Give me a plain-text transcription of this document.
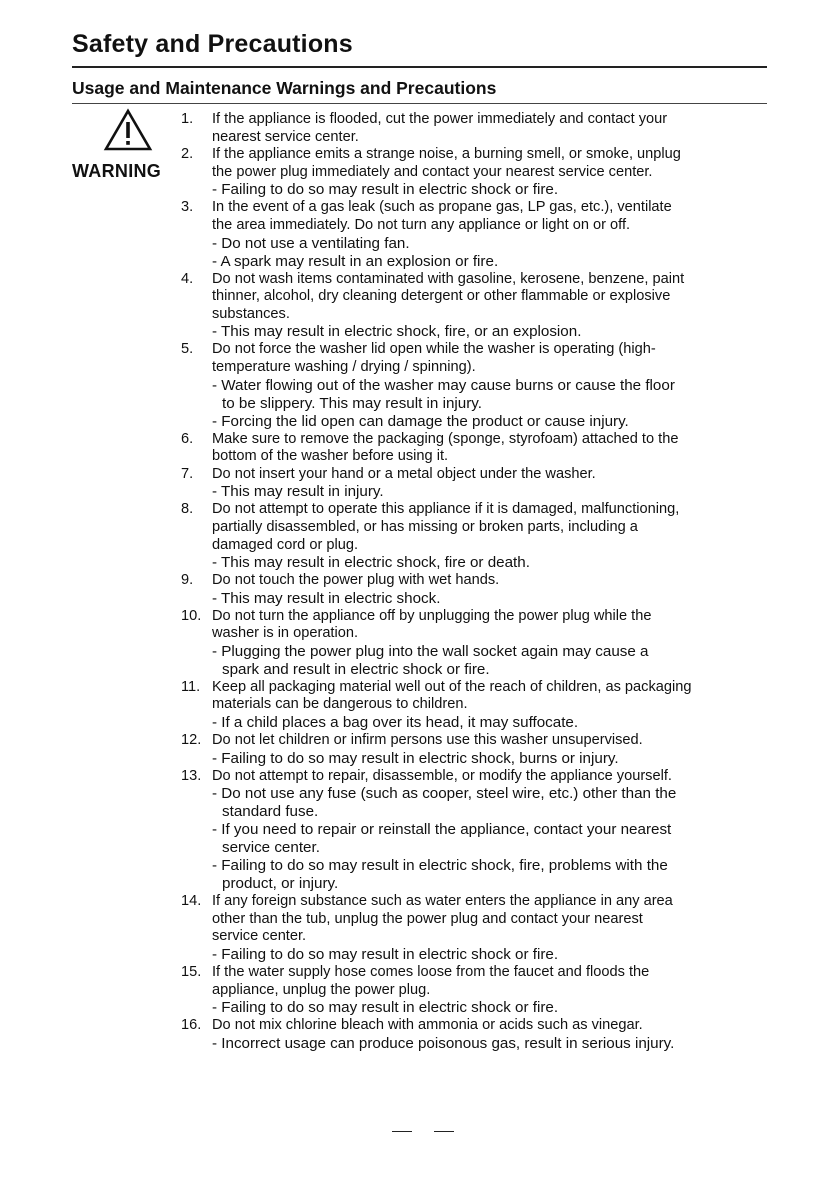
Safety and Precautions
Usage and Maintenance Warnings and Precautions
WARNING
1. If the appliance is flooded, cut the power immediately and contact your
nearest service center.
2. If the appliance emits a strange noise, a burning smell, or smoke, unplug
the power plug immediately and contact your nearest service center.
- Failing to do so may result in electric shock or fire.
3. In the event of a gas leak (such as propane gas, LP gas, etc.), ventilate
the area immediately. Do not turn any appliance or light on or off.
- Do not use a ventilating fan.
- A spark may result in an explosion or fire.
4. Do not wash items contaminated with gasoline, kerosene, benzene, paint
thinner, alcohol, dry cleaning detergent or other flammable or explosive
substances.
- This may result in electric shock, fire, or an explosion.
5. Do not force the washer lid open while the washer is operating (high-
temperature washing / drying / spinning).
- Water flowing out of the washer may cause burns or cause the floor
to be slippery. This may result in injury.
- Forcing the lid open can damage the product or cause injury.
6. Make sure to remove the packaging (sponge, styrofoam) attached to the
bottom of the washer before using it.
7. Do not insert your hand or a metal object under the washer.
- This may result in injury.
8. Do not attempt to operate this appliance if it is damaged, malfunctioning,
partially disassembled, or has missing or broken parts, including a
damaged cord or plug.
- This may result in electric shock, fire or death.
9. Do not touch the power plug with wet hands.
- This may result in electric shock.
10. Do not turn the appliance off by unplugging the power plug while the
washer is in operation.
- Plugging the power plug into the wall socket again may cause a
spark and result in electric shock or fire.
11. Keep all packaging material well out of the reach of children, as packaging
materials can be dangerous to children.
- If a child places a bag over its head, it may suffocate.
12. Do not let children or infirm persons use this washer unsupervised.
- Failing to do so may result in electric shock, burns or injury.
13. Do not attempt to repair, disassemble, or modify the appliance yourself.
- Do not use any fuse (such as cooper, steel wire, etc.) other than the
standard fuse.
- If you need to repair or reinstall the appliance, contact your nearest
service center.
- Failing to do so may result in electric shock, fire, problems with the
product, or injury.
14. If any foreign substance such as water enters the appliance in any area
other than the tub, unplug the power plug and contact your nearest
service center.
- Failing to do so may result in electric shock or fire.
15. If the water supply hose comes loose from the faucet and floods the
appliance, unplug the power plug.
- Failing to do so may result in electric shock or fire.
16. Do not mix chlorine bleach with ammonia or acids such as vinegar.
- Incorrect usage can produce poisonous gas, result in serious injury.
